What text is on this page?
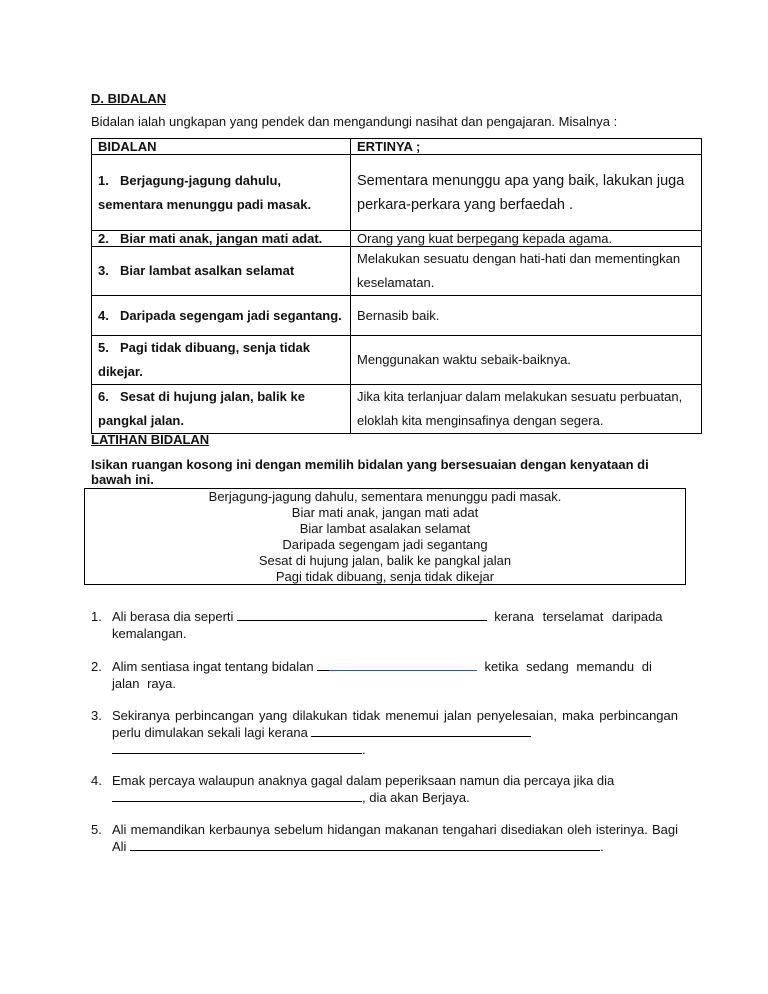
D. BIDALAN
Bidalan ialah ungkapan yang pendek dan mengandungi nasihat dan pengajaran. Misalnya :
BIDALAN	ERTINYA ;
1. Berjagung-jagung dahulu, sementara menunggu padi masak.	Sementara menunggu apa yang baik, lakukan juga perkara-perkara yang berfaedah .
2. Biar mati anak, jangan mati adat.	Orang yang kuat berpegang kepada agama.
3. Biar lambat asalkan selamat	Melakukan sesuatu dengan hati-hati dan mementingkan keselamatan.
4. Daripada segengam jadi segantang.	Bernasib baik.
5. Pagi tidak dibuang, senja tidak dikejar.	Menggunakan waktu sebaik-baiknya.
6. Sesat di hujung jalan, balik ke pangkal jalan.	Jika kita terlanjuar dalam melakukan sesuatu perbuatan, eloklah kita menginsafinya dengan segera.
LATIHAN BIDALAN
Isikan ruangan kosong ini dengan memilih bidalan yang bersesuaian dengan kenyataan di bawah ini.
Berjagung-jagung dahulu, sementara menunggu padi masak.
Biar mati anak, jangan mati adat
Biar lambat asalakan selamat
Daripada segengam jadi segantang
Sesat di hujung jalan, balik ke pangkal jalan
Pagi tidak dibuang, senja tidak dikejar
1. Ali berasa dia seperti	kerana terselamat daripada kemalangan.
2. Alim sentiasa ingat tentang bidalan	ketika sedang memandu di jalan raya.
3. Sekiranya perbincangan yang dilakukan tidak menemui jalan penyelesaian, maka perbincangan perlu dimulakan sekali lagi kerana
.
4. Emak percaya walaupun anaknya gagal dalam peperiksaan namun dia percaya jika dia
, dia akan Berjaya.
5. Ali memandikan kerbaunya sebelum hidangan makanan tengahari disediakan oleh isterinya. Bagi Ali	.
